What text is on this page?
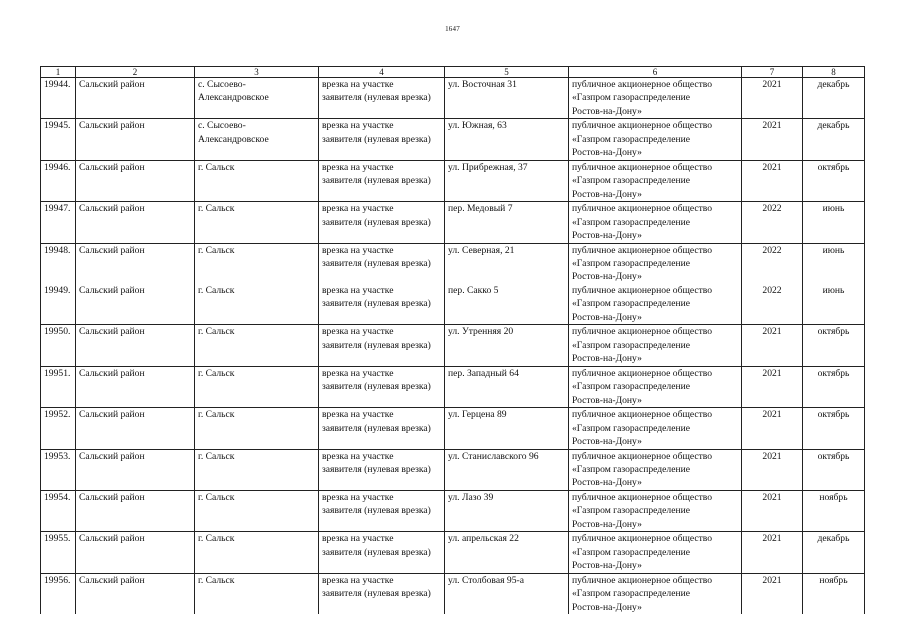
1647
1	2	3	4	5	6	7	8
19944.	Сальский район	с. Сысоево-
Александровское	врезка на участке
заявителя (нулевая врезка)	ул. Восточная 31	публичное акционерное общество
«Газпром газораспределение
Ростов-на-Дону»	2021	декабрь
19945.	Сальский район	с. Сысоево-
Александровское	врезка на участке
заявителя (нулевая врезка)	ул. Южная, 63	публичное акционерное общество
«Газпром газораспределение
Ростов-на-Дону»	2021	декабрь
19946.	Сальский район	г. Сальск	врезка на участке
заявителя (нулевая врезка)	ул. Прибрежная, 37	публичное акционерное общество
«Газпром газораспределение
Ростов-на-Дону»	2021	октябрь
19947.	Сальский район	г. Сальск	врезка на участке
заявителя (нулевая врезка)	пер. Медовый 7	публичное акционерное общество
«Газпром газораспределение
Ростов-на-Дону»	2022	июнь
19948.	Сальский район	г. Сальск	врезка на участке
заявителя (нулевая врезка)	ул. Северная, 21	публичное акционерное общество
«Газпром газораспределение
Ростов-на-Дону»	2022	июнь
19949.	Сальский район	г. Сальск	врезка на участке
заявителя (нулевая врезка)	пер. Сакко 5	публичное акционерное общество
«Газпром газораспределение
Ростов-на-Дону»	2022	июнь
19950.	Сальский район	г. Сальск	врезка на участке
заявителя (нулевая врезка)	ул. Утренняя 20	публичное акционерное общество
«Газпром газораспределение
Ростов-на-Дону»	2021	октябрь
19951.	Сальский район	г. Сальск	врезка на участке
заявителя (нулевая врезка)	пер. Западный 64	публичное акционерное общество
«Газпром газораспределение
Ростов-на-Дону»	2021	октябрь
19952.	Сальский район	г. Сальск	врезка на участке
заявителя (нулевая врезка)	ул. Герцена 89	публичное акционерное общество
«Газпром газораспределение
Ростов-на-Дону»	2021	октябрь
19953.	Сальский район	г. Сальск	врезка на участке
заявителя (нулевая врезка)	ул. Станиславского 96	публичное акционерное общество
«Газпром газораспределение
Ростов-на-Дону»	2021	октябрь
19954.	Сальский район	г. Сальск	врезка на участке
заявителя (нулевая врезка)	ул. Лазо 39	публичное акционерное общество
«Газпром газораспределение
Ростов-на-Дону»	2021	ноябрь
19955.	Сальский район	г. Сальск	врезка на участке
заявителя (нулевая врезка)	ул. апрельская 22	публичное акционерное общество
«Газпром газораспределение
Ростов-на-Дону»	2021	декабрь
19956.	Сальский район	г. Сальск	врезка на участке
заявителя (нулевая врезка)	ул. Столбовая 95-а	публичное акционерное общество
«Газпром газораспределение
Ростов-на-Дону»	2021	ноябрь
